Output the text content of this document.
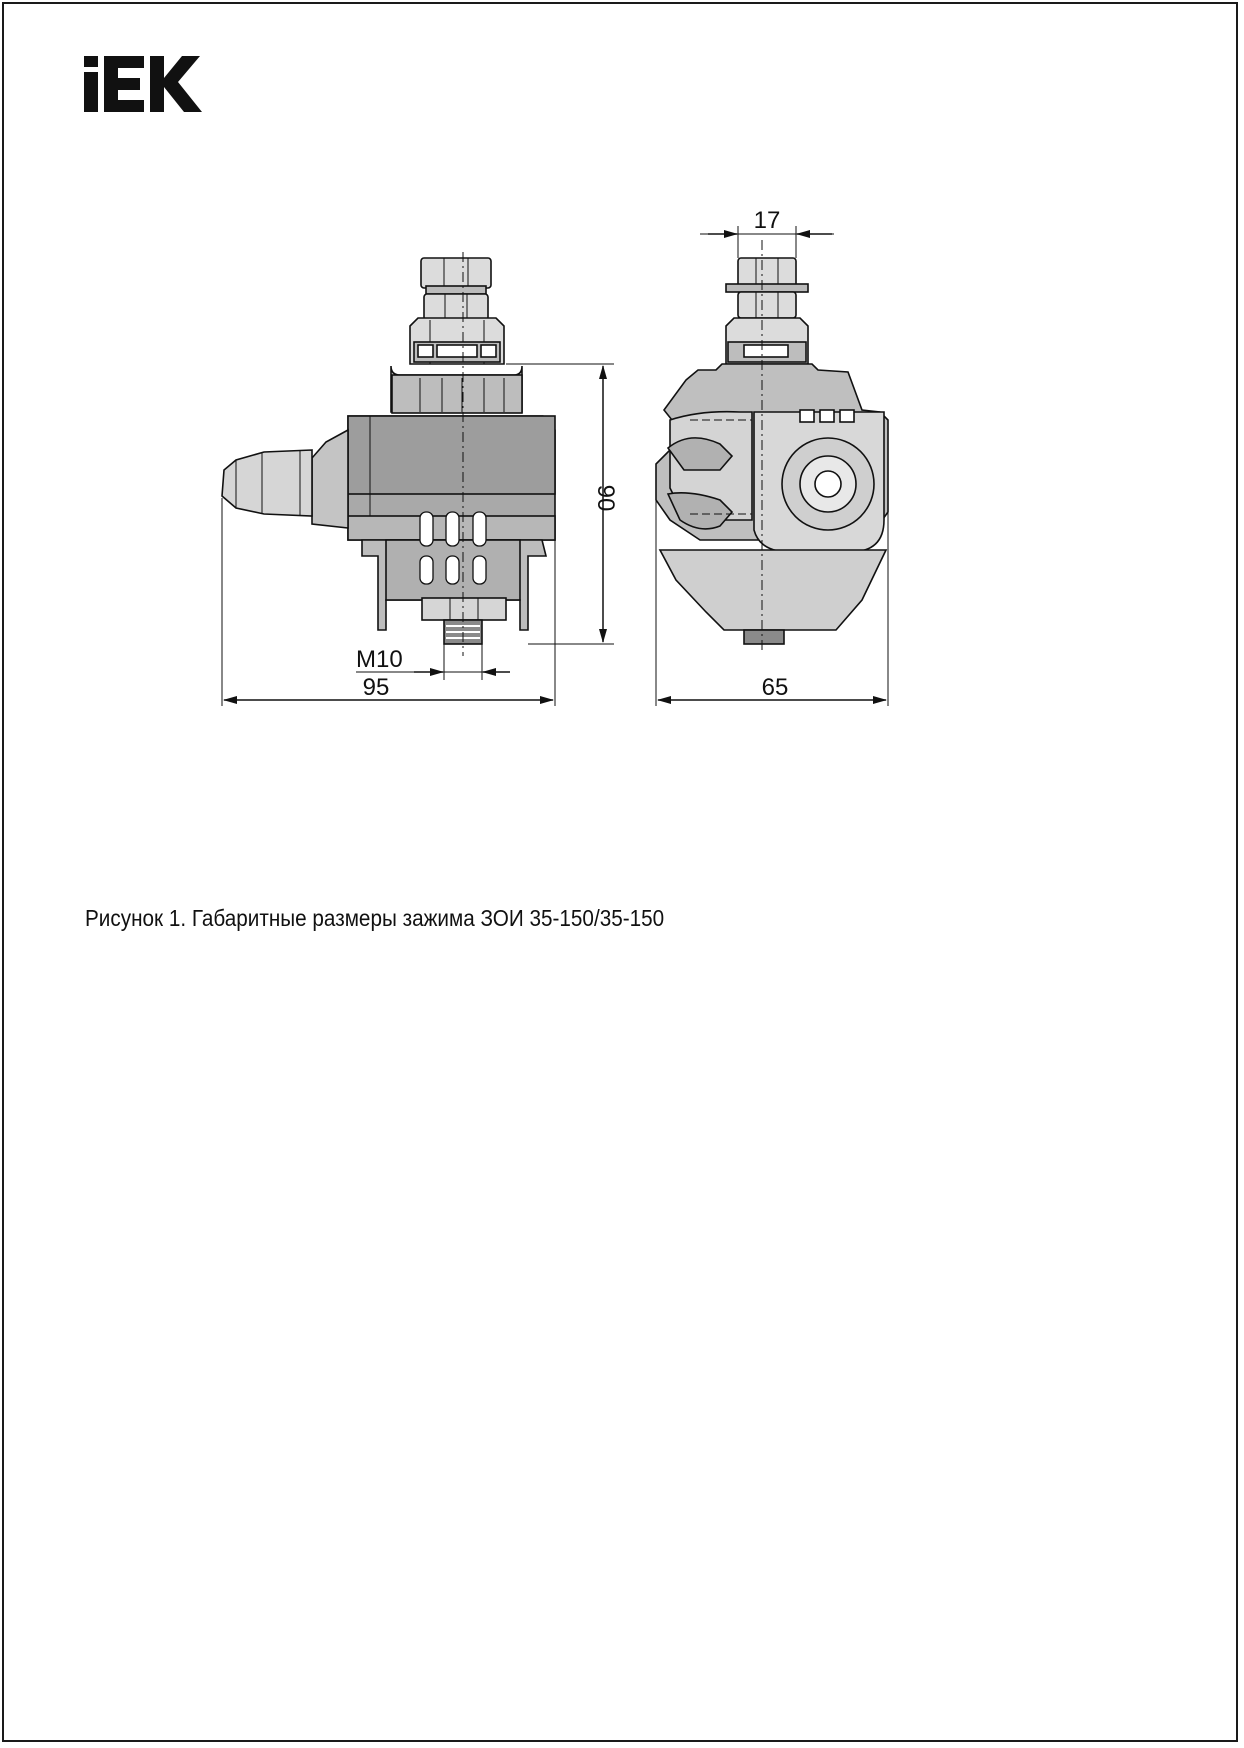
90
M10
95
17
65

Рисунок 1. Габаритные размеры зажима ЗОИ 35-150/35-150
